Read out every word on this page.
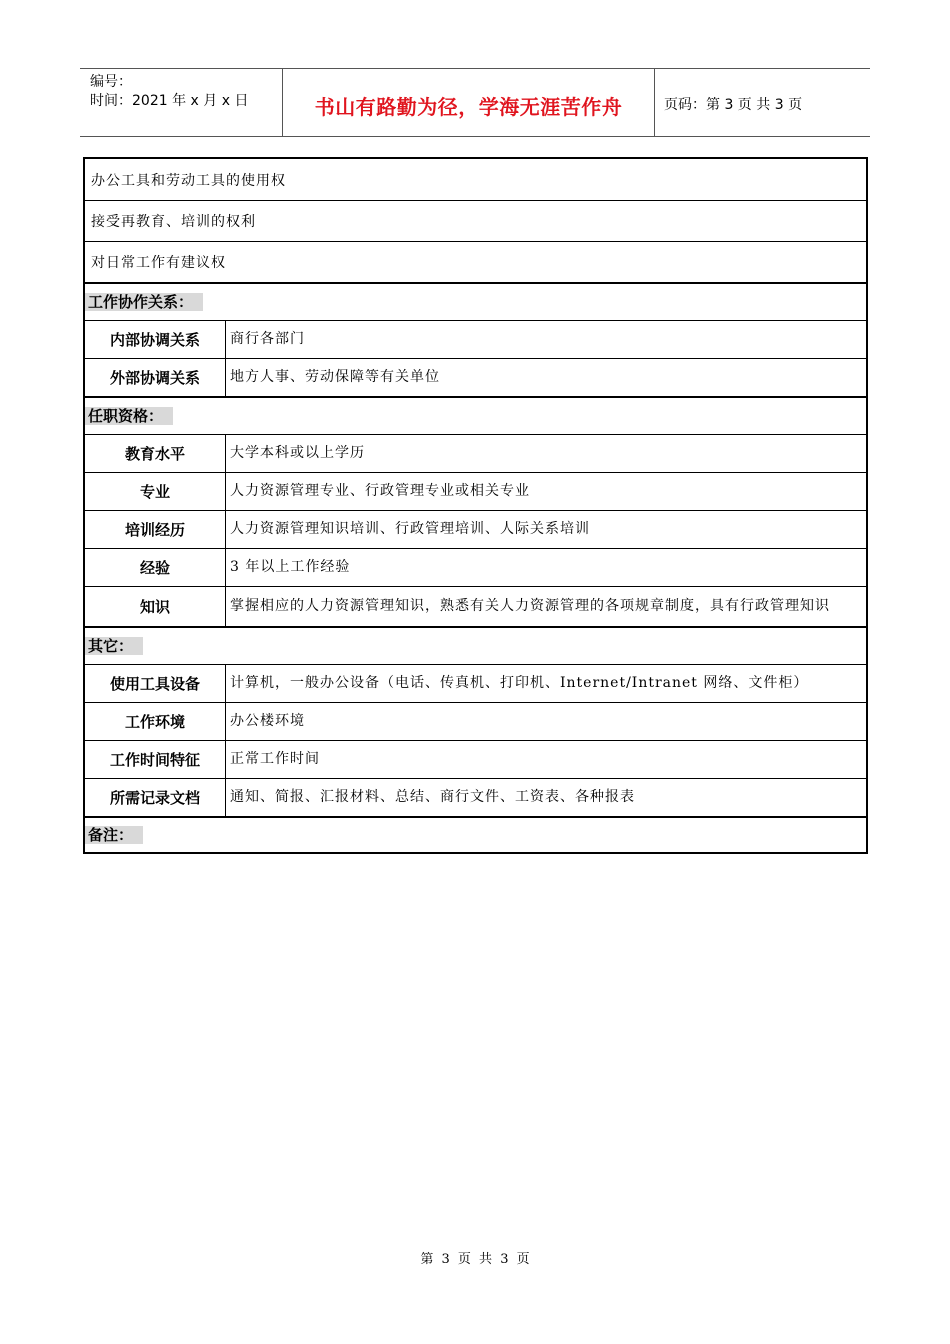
编号：
时间：2021 年 x 月 x 日	书山有路勤为径，学海无涯苦作舟	页码：第 3 页 共 3 页
办公工具和劳动工具的使用权
接受再教育、培训的权利
对日常工作有建议权
工作协作关系：
内部协调关系	商行各部门
外部协调关系	地方人事、劳动保障等有关单位
任职资格：
教育水平	大学本科或以上学历
专业	人力资源管理专业、行政管理专业或相关专业
培训经历	人力资源管理知识培训、行政管理培训、人际关系培训
经验	3 年以上工作经验
知识	掌握相应的人力资源管理知识，熟悉有关人力资源管理的各项规章制度，具有行政管理知识
其它：
使用工具设备	计算机，一般办公设备（电话、传真机、打印机、Internet/Intranet 网络、文件柜）
工作环境	办公楼环境
工作时间特征	正常工作时间
所需记录文档	通知、简报、汇报材料、总结、商行文件、工资表、各种报表
备注：
第 3 页 共 3 页
